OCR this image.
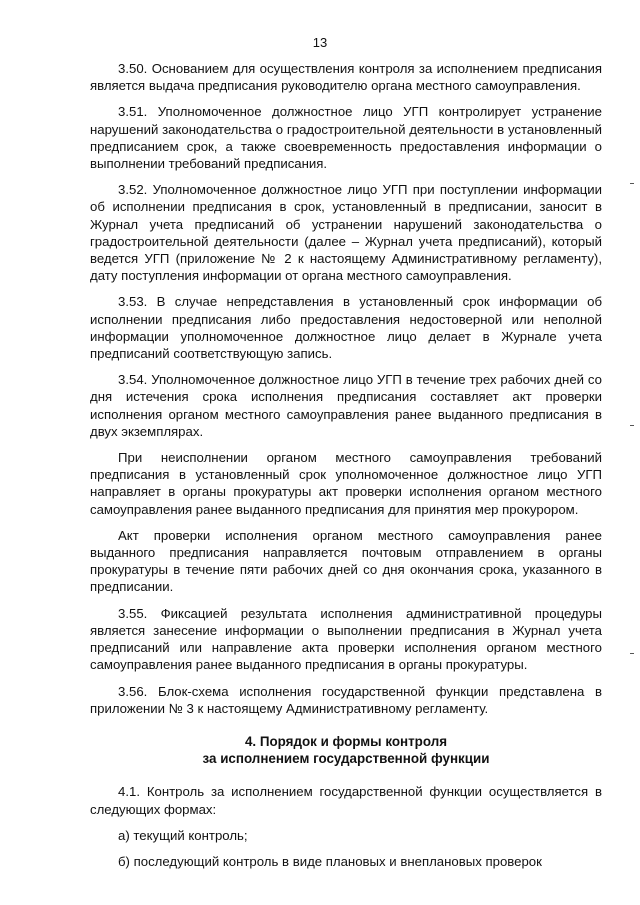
13

3.50. Основанием для осуществления контроля за исполнением предписания является выдача предписания руководителю органа местного самоуправления.

3.51. Уполномоченное должностное лицо УГП контролирует устранение нарушений законодательства о градостроительной деятельности в установленный предписанием срок, а также своевременность предоставления информации о выполнении требований предписания.

3.52. Уполномоченное должностное лицо УГП при поступлении информации об исполнении предписания в срок, установленный в предписании, заносит в Журнал учета предписаний об устранении нарушений законодательства о градостроительной деятельности (далее – Журнал учета предписаний), который ведется УГП (приложение № 2 к настоящему Административному регламенту), дату поступления информации от органа местного самоуправления.

3.53. В случае непредставления в установленный срок информации об исполнении предписания либо предоставления недостоверной или неполной информации уполномоченное должностное лицо делает в Журнале учета предписаний соответствующую запись.

3.54. Уполномоченное должностное лицо УГП в течение трех рабочих дней со дня истечения срока исполнения предписания составляет акт проверки исполнения органом местного самоуправления ранее выданного предписания в двух экземплярах.

При неисполнении органом местного самоуправления требований предписания в установленный срок уполномоченное должностное лицо УГП направляет в органы прокуратуры акт проверки исполнения органом местного самоуправления ранее выданного предписания для принятия мер прокурором.

Акт проверки исполнения органом местного самоуправления ранее выданного предписания направляется почтовым отправлением в органы прокуратуры в течение пяти рабочих дней со дня окончания срока, указанного в предписании.

3.55. Фиксацией результата исполнения административной процедуры является занесение информации о выполнении предписания в Журнал учета предписаний или направление акта проверки исполнения органом местного самоуправления ранее выданного предписания в органы прокуратуры.

3.56. Блок-схема исполнения государственной функции представлена в приложении № 3 к настоящему Административному регламенту.

4. Порядок и формы контроля
за исполнением государственной функции

4.1. Контроль за исполнением государственной функции осуществляется в следующих формах:

а) текущий контроль;

б) последующий контроль в виде плановых и внеплановых проверок
